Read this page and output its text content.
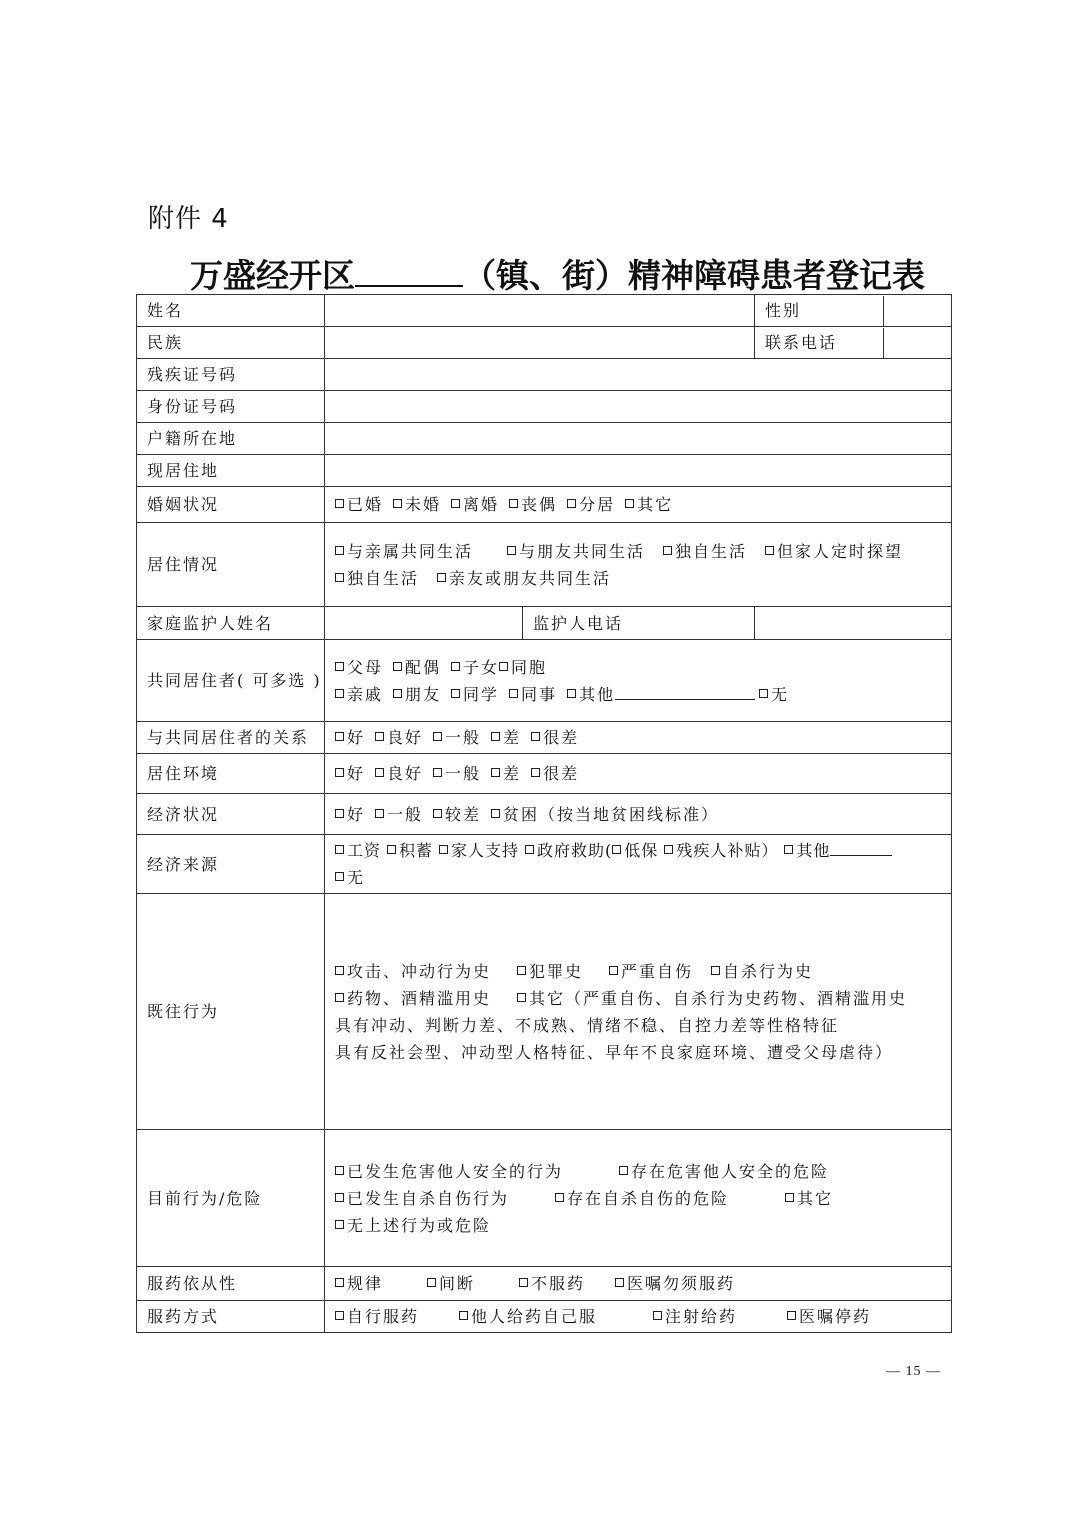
附件 4
万盛经开区	（镇、街）精神障碍患者登记表
姓名			性别

民族			联系电话

残疾证号码			
身份证号码			
户籍所在地			
现居住地			
婚姻状况	已婚 未婚 离婚 丧偶 分居 其它		
居住情况	与亲属共同生活 与朋友共同生活 独自生活 但家人定时探望
独自生活 亲友或朋友共同生活		

家庭监护人姓名		监护人电话	
共同居住者( 可多选 )	父母 配偶 子女 同胞
亲戚 朋友 同学 同事 其他 无		

与共同居住者的关系	好 良好 一般 差 很差		
居住环境	好 良好 一般 差 很差		
经济状况	好 一般 较差 贫困（按当地贫困线标准）		
经济来源	工资 积蓄 家人支持 政府救助( 低保 残疾人补贴） 其他
无		

既往行为	攻击、冲动行为史 犯罪史 严重自伤 自杀行为史
药物、酒精滥用史 其它（严重自伤、自杀行为史药物、酒精滥用史
具有冲动、判断力差、不成熟、情绪不稳、自控力差等性格特征
具有反社会型、冲动型人格特征、早年不良家庭环境、遭受父母虐待）		

目前行为/危险	已发生危害他人安全的行为 存在危害他人安全的危险
已发生自杀自伤行为 存在自杀自伤的危险 其它
无上述行为或危险		

服药依从性	规律 间断 不服药 医嘱勿须服药		
服药方式	自行服药 他人给药自己服 注射给药 医嘱停药		
— 15 —
